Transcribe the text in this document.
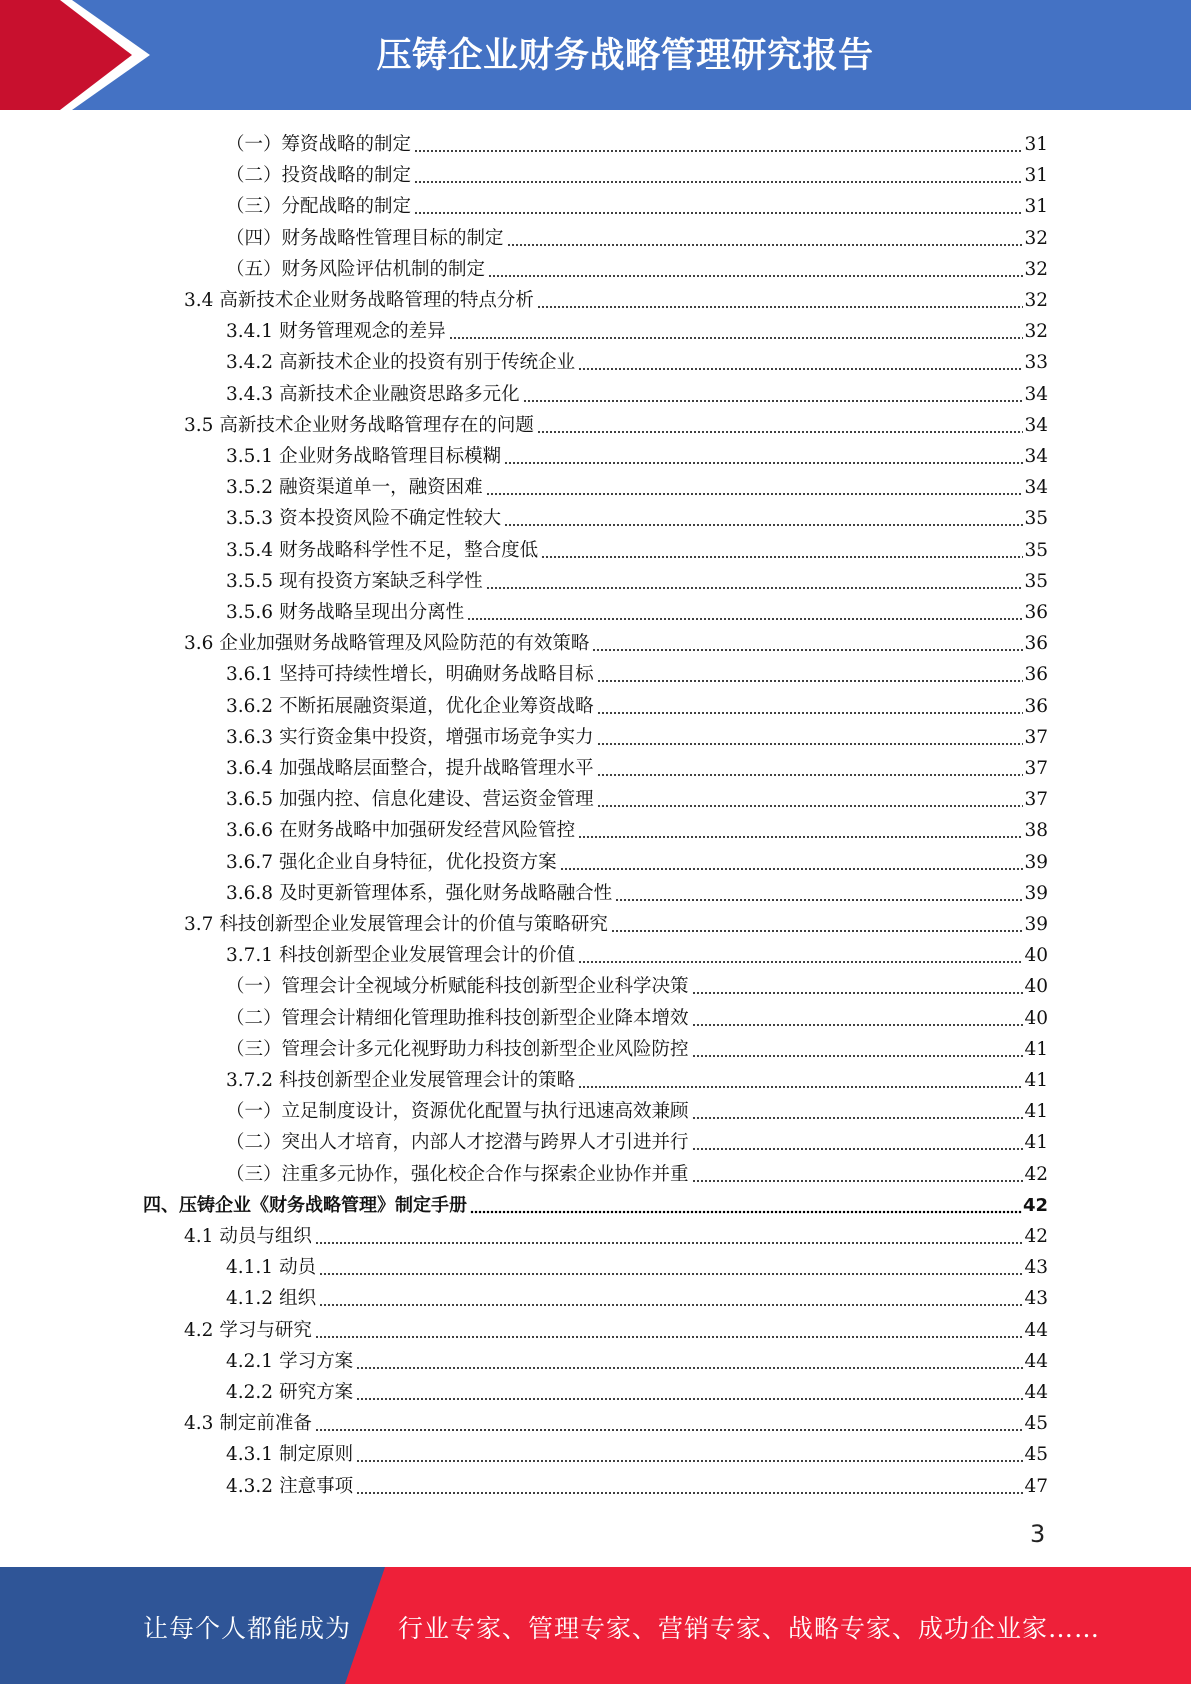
压铸企业财务战略管理研究报告
（一）筹资战略的制定	31
（二）投资战略的制定	31
（三）分配战略的制定	31
（四）财务战略性管理目标的制定	32
（五）财务风险评估机制的制定	32
3.4 高新技术企业财务战略管理的特点分析	32
3.4.1 财务管理观念的差异	32
3.4.2 高新技术企业的投资有别于传统企业	33
3.4.3 高新技术企业融资思路多元化	34
3.5 高新技术企业财务战略管理存在的问题	34
3.5.1 企业财务战略管理目标模糊	34
3.5.2 融资渠道单一，融资困难	34
3.5.3 资本投资风险不确定性较大	35
3.5.4 财务战略科学性不足，整合度低	35
3.5.5 现有投资方案缺乏科学性	35
3.5.6 财务战略呈现出分离性	36
3.6 企业加强财务战略管理及风险防范的有效策略	36
3.6.1 坚持可持续性增长，明确财务战略目标	36
3.6.2 不断拓展融资渠道，优化企业筹资战略	36
3.6.3 实行资金集中投资，增强市场竞争实力	37
3.6.4 加强战略层面整合，提升战略管理水平	37
3.6.5 加强内控、信息化建设、营运资金管理	37
3.6.6 在财务战略中加强研发经营风险管控	38
3.6.7 强化企业自身特征，优化投资方案	39
3.6.8 及时更新管理体系，强化财务战略融合性	39
3.7 科技创新型企业发展管理会计的价值与策略研究	39
3.7.1 科技创新型企业发展管理会计的价值	40
（一）管理会计全视域分析赋能科技创新型企业科学决策	40
（二）管理会计精细化管理助推科技创新型企业降本增效	40
（三）管理会计多元化视野助力科技创新型企业风险防控	41
3.7.2 科技创新型企业发展管理会计的策略	41
（一）立足制度设计，资源优化配置与执行迅速高效兼顾	41
（二）突出人才培育，内部人才挖潜与跨界人才引进并行	41
（三）注重多元协作，强化校企合作与探索企业协作并重	42
四、压铸企业《财务战略管理》制定手册	42
4.1 动员与组织	42
4.1.1 动员	43
4.1.2 组织	43
4.2 学习与研究	44
4.2.1 学习方案	44
4.2.2 研究方案	44
4.3 制定前准备	45
4.3.1 制定原则	45
4.3.2 注意事项	47
3
让每个人都能成为 行业专家、管理专家、营销专家、战略专家、成功企业家……
